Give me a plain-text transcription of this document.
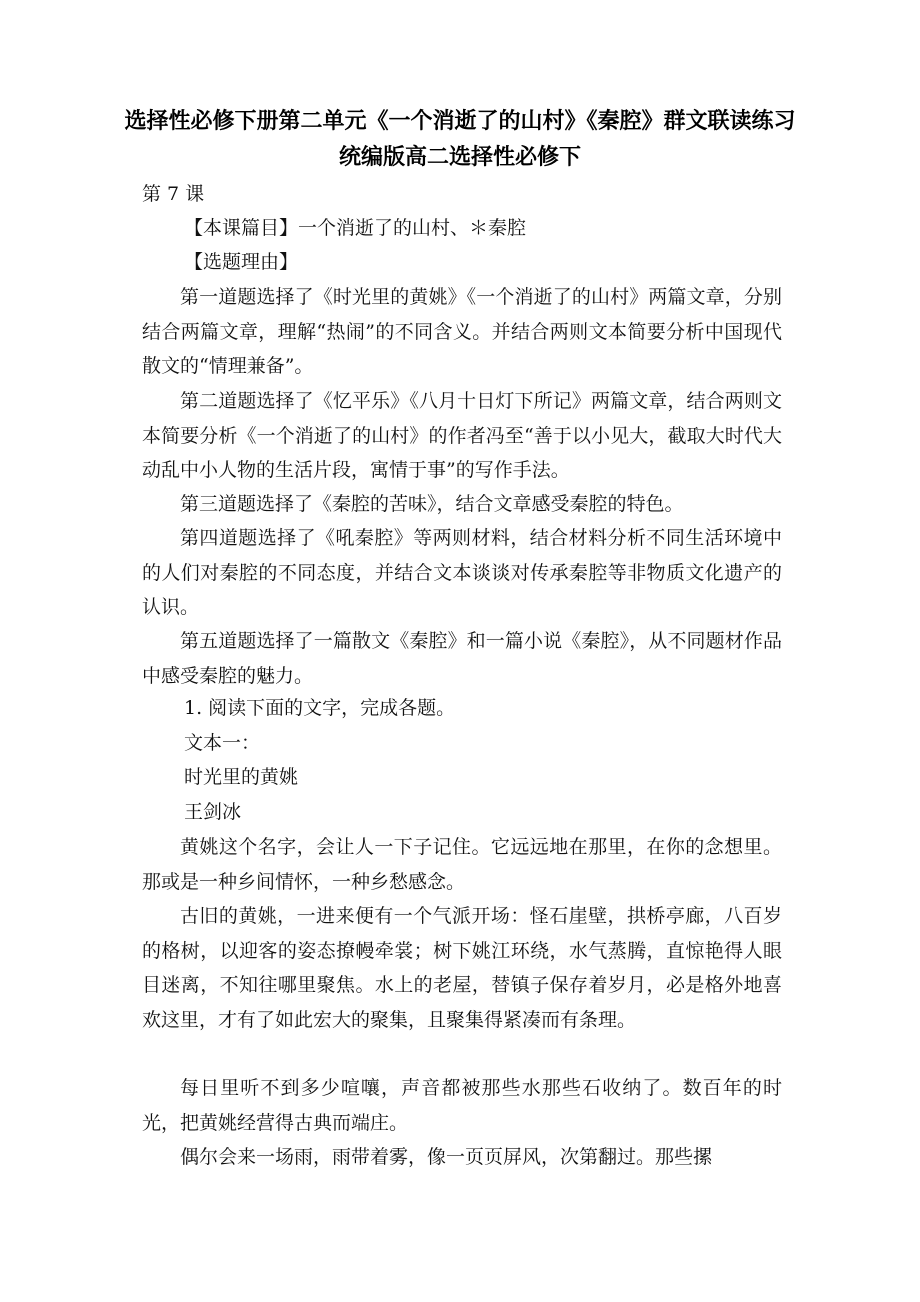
选择性必修下册第二单元《一个消逝了的山村》《秦腔》群文联读练习　统编版高二选择性必修下
第 7 课
【本课篇目】一个消逝了的山村、＊秦腔
【选题理由】
第一道题选择了《时光里的黄姚》《一个消逝了的山村》两篇文章，分别结合两篇文章，理解“热闹”的不同含义。并结合两则文本简要分析中国现代散文的“情理兼备”。
第二道题选择了《忆平乐》《八月十日灯下所记》两篇文章，结合两则文本简要分析《一个消逝了的山村》的作者冯至“善于以小见大，截取大时代大动乱中小人物的生活片段，寓情于事”的写作手法。
第三道题选择了《秦腔的苦味》，结合文章感受秦腔的特色。
第四道题选择了《吼秦腔》等两则材料，结合材料分析不同生活环境中的人们对秦腔的不同态度，并结合文本谈谈对传承秦腔等非物质文化遗产的认识。
第五道题选择了一篇散文《秦腔》和一篇小说《秦腔》，从不同题材作品中感受秦腔的魅力。
1. 阅读下面的文字，完成各题。
文本一：
时光里的黄姚
王剑冰
黄姚这个名字，会让人一下子记住。它远远地在那里，在你的念想里。那或是一种乡间情怀，一种乡愁感念。
古旧的黄姚，一进来便有一个气派开场：怪石崖壁，拱桥亭廊，八百岁的格树，以迎客的姿态撩幔牵裳；树下姚江环绕，水气蒸腾，直惊艳得人眼目迷离，不知往哪里聚焦。水上的老屋，替镇子保存着岁月，必是格外地喜欢这里，才有了如此宏大的聚集，且聚集得紧凑而有条理。
每日里听不到多少喧嚷，声音都被那些水那些石收纳了。数百年的时光，把黄姚经营得古典而端庄。
偶尔会来一场雨，雨带着雾，像一页页屏风，次第翻过。那些摞
